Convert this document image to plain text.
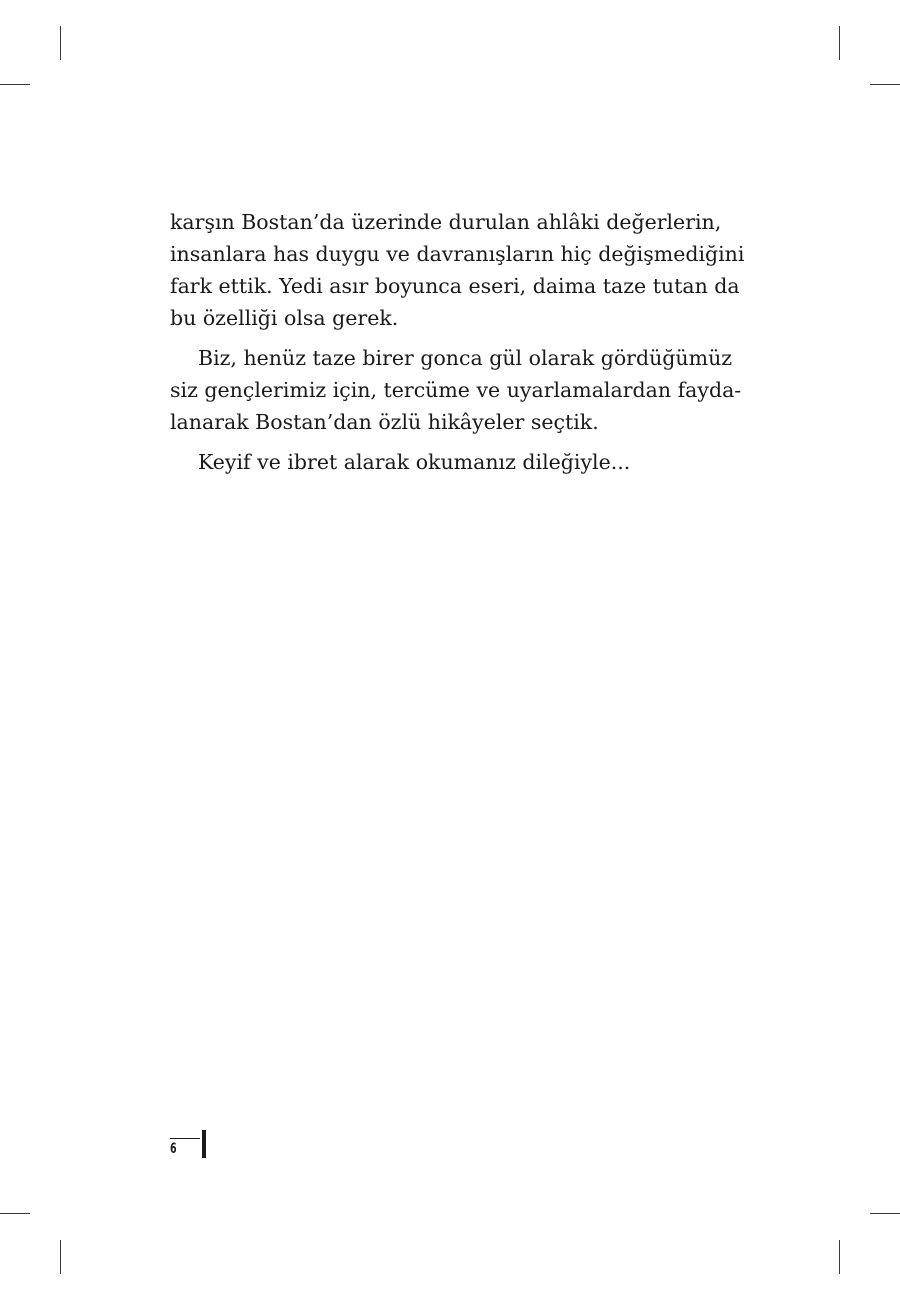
karşın Bostan’da üzerinde durulan ahlâki değerlerin,
insanlara has duygu ve davranışların hiç değişmediğini
fark ettik. Yedi asır boyunca eseri, daima taze tutan da
bu özelliği olsa gerek.

Biz, henüz taze birer gonca gül olarak gördüğümüz
siz gençlerimiz için, tercüme ve uyarlamalardan fayda-
lanarak Bostan’dan özlü hikâyeler seçtik.

Keyif ve ibret alarak okumanız dileğiyle...

6
